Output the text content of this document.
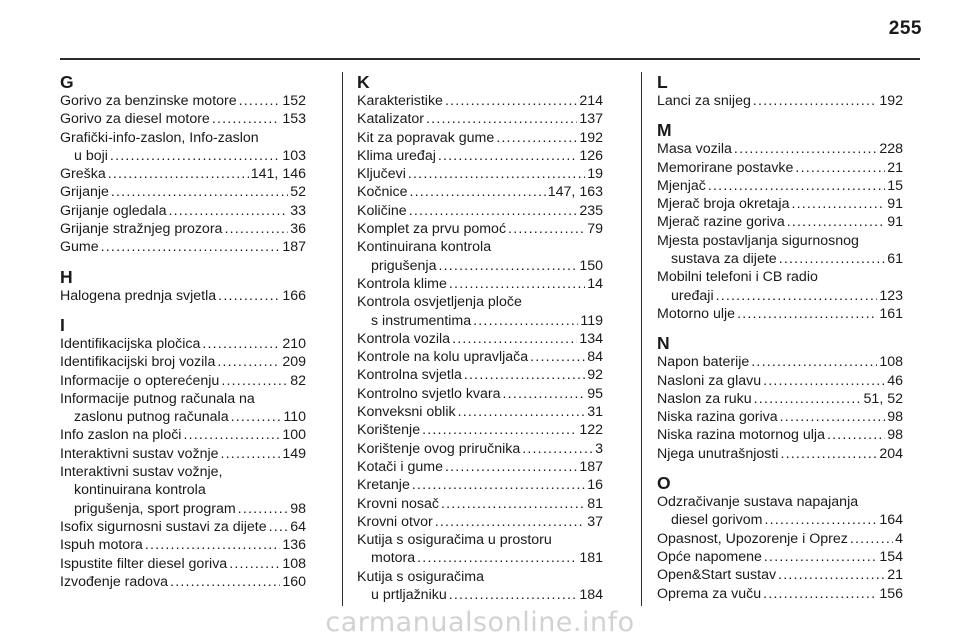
255
G
Gorivo za benzinske motore .....	152
Gorivo za diesel motore .....	153
Grafički-info-zaslon, Info-zaslon
u boji .....	103
Greška .....	141, 146
Grijanje .....	52
Grijanje ogledala .....	33
Grijanje stražnjeg prozora .....	36
Gume .....	187
H
Halogena prednja svjetla .....	166
I
Identifikacijska pločica .....	210
Identifikacijski broj vozila .....	209
Informacije o opterećenju .....	82
Informacije putnog računala na
zaslonu putnog računala .....	110
Info zaslon na ploči .....	100
Interaktivni sustav vožnje .....	149
Interaktivni sustav vožnje,
kontinuirana kontrola
prigušenja, sport program .....	98
Isofix sigurnosni sustavi za dijete ..... 64
Ispuh motora .....	136
Ispustite filter diesel goriva .....	108
Izvođenje radova .....	160
K
Karakteristike .....	214
Katalizator .....	137
Kit za popravak gume .....	192
Klima uređaj .....	126
Ključevi .....	19
Kočnice .....	147, 163
Količine .....	235
Komplet za prvu pomoć .....	79
Kontinuirana kontrola
prigušenja .....	150
Kontrola klime .....	14
Kontrola osvjetljenja ploče
s instrumentima .....	119
Kontrola vozila .....	134
Kontrole na kolu upravljača .....	84
Kontrolna svjetla .....	92
Kontrolno svjetlo kvara .....	95
Konveksni oblik .....	31
Korištenje .....	122
Korištenje ovog priručnika .....	3
Kotači i gume .....	187
Kretanje .....	16
Krovni nosač .....	81
Krovni otvor .....	37
Kutija s osiguračima u prostoru
motora .....	181
Kutija s osiguračima
u prtljažniku .....	184
L
Lanci za snijeg .....	192
M
Masa vozila .....	228
Memorirane postavke .....	21
Mjenjač .....	15
Mjerač broja okretaja .....	91
Mjerač razine goriva .....	91
Mjesta postavljanja sigurnosnog
sustava za dijete .....	61
Mobilni telefoni i CB radio
uređaji .....	123
Motorno ulje .....	161
N
Napon baterije .....	108
Nasloni za glavu .....	46
Naslon za ruku .....	51, 52
Niska razina goriva .....	98
Niska razina motornog ulja .....	98
Njega unutrašnjosti .....	204
O
Odzračivanje sustava napajanja
diesel gorivom .....	164
Opasnost, Upozorenje i Oprez .....	4
Opće napomene .....	154
Open&Start sustav .....	21
Oprema za vuču .....	156
carmanualsonline.info
